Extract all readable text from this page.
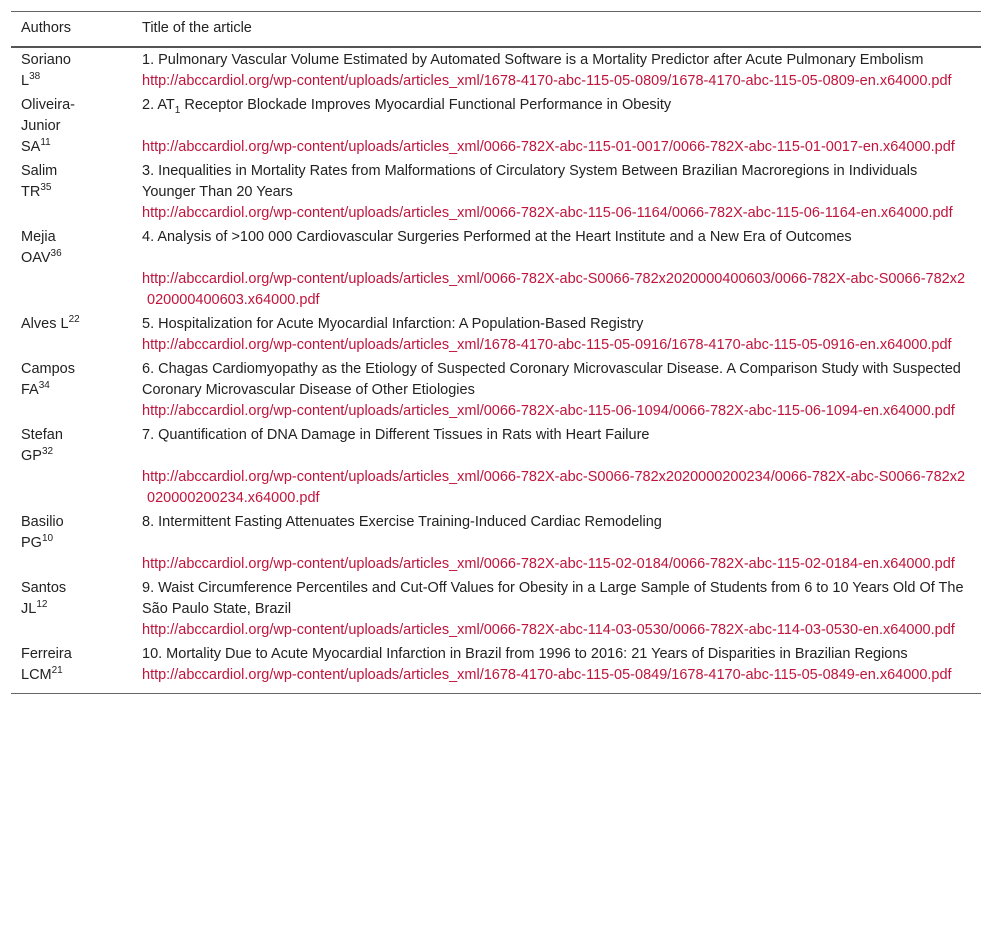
Authors	Title of the article
Soriano
$L^{38}$	1. Pulmonary Vascular Volume Estimated by Automated Software is a Mortality Predictor after Acute Pulmonary Embolism
http://abccardiol.org/wp-content/uploads/articles_xml/1678-4170-abc-115-05-0809/1678-4170-abc-115-05-0809-en.x64000.pdf

Oliveira-
Junior
SA$^{11}$	2. $AT_1$ Receptor Blockade Improves Myocardial Functional Performance in Obesity
http://abccardiol.org/wp-content/uploads/articles_xml/0066-782X-abc-115-01-0017/0066-782X-abc-115-01-0017-en.x64000.pdf

Salim
TR$^{35}$	3. Inequalities in Mortality Rates from Malformations of Circulatory System Between Brazilian Macroregions in Individuals Younger Than 20 Years
http://abccardiol.org/wp-content/uploads/articles_xml/0066-782X-abc-115-06-1164/0066-782X-abc-115-06-1164-en.x64000.pdf

Mejia
OAV$^{36}$	4. Analysis of >100 000 Cardiovascular Surgeries Performed at the Heart Institute and a New Era of Outcomes
http://abccardiol.org/wp-content/uploads/articles_xml/0066-782X-abc-S0066-782x2020000400603/0066-782X-abc-S0066-782x2020000400603.x64000.pdf

Alves $L^{22}$	5. Hospitalization for Acute Myocardial Infarction: A Population-Based Registry
http://abccardiol.org/wp-content/uploads/articles_xml/1678-4170-abc-115-05-0916/1678-4170-abc-115-05-0916-en.x64000.pdf

Campos
FA$^{34}$	6. Chagas Cardiomyopathy as the Etiology of Suspected Coronary Microvascular Disease. A Comparison Study with Suspected Coronary Microvascular Disease of Other Etiologies
http://abccardiol.org/wp-content/uploads/articles_xml/0066-782X-abc-115-06-1094/0066-782X-abc-115-06-1094-en.x64000.pdf

Stefan
GP$^{32}$	7. Quantification of DNA Damage in Different Tissues in Rats with Heart Failure
http://abccardiol.org/wp-content/uploads/articles_xml/0066-782X-abc-S0066-782x2020000200234/0066-782X-abc-S0066-782x2020000200234.x64000.pdf

Basilio
PG$^{10}$	8. Intermittent Fasting Attenuates Exercise Training-Induced Cardiac Remodeling
http://abccardiol.org/wp-content/uploads/articles_xml/0066-782X-abc-115-02-0184/0066-782X-abc-115-02-0184-en.x64000.pdf

Santos
JL$^{12}$	9. Waist Circumference Percentiles and Cut-Off Values for Obesity in a Large Sample of Students from 6 to 10 Years Old Of The São Paulo State, Brazil
http://abccardiol.org/wp-content/uploads/articles_xml/0066-782X-abc-114-03-0530/0066-782X-abc-114-03-0530-en.x64000.pdf

Ferreira
LCM$^{21}$	10. Mortality Due to Acute Myocardial Infarction in Brazil from 1996 to 2016: 21 Years of Disparities in Brazilian Regions
http://abccardiol.org/wp-content/uploads/articles_xml/1678-4170-abc-115-05-0849/1678-4170-abc-115-05-0849-en.x64000.pdf
